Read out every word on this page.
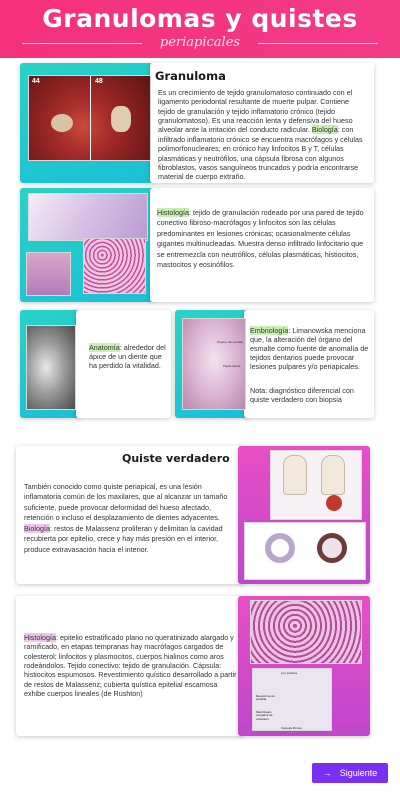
Granulomas y quistes
periapicales
44	48	Granuloma
Es un crecimiento de tejido granulomatoso continuado con el ligamento periodontal resultante de muerte pulpar. Contiene tejido de granulación y tejido inflamatorio crónico (tejido granulomatoso). Es una reacción lenta y defensiva del hueso alveolar ante la irritación del conducto radicular. Biología: con infiltrado inflamatorio crónico se encuentra macrófagos y células polimorfonucleares; en crónico hay linfocitos B y T, células plasmáticas y neutrófilos, una cápsula fibrosa con algunos fibroblastos, vasos sanguíneos truncados y podría encontrarse material de cuerpo extraño.
Histología: tejido de granulación rodeado por una pared de tejido conectivo fibroso-macrófagos y linfocitos son las células predominantes en lesiones crónicas; ocasionalmente células gigantes multinucleadas. Muestra denso infiltrado linfocitario que se entremezcla con neutrófilos, células plasmáticas, histiocitos, mastocitos y eosinófilos.
Anatomía: alrededor del ápice de un diente que ha perdido la vitalidad.
Órgano del esmalte
Papila dental
Embriología: Limanowska menciona que, la alteración del órgano del esmalte como fuente de anomalía de tejidos dentarios puede provocar lesiones pulpares y/o periapicales.
Nota: diagnóstico diferencial con quiste verdadero con biopsia
Quiste verdadero
También conocido como quiste periapical, es una lesión inflamatoria común de los maxilares, que al alcanzar un tamaño suficiente, puede provocar deformidad del hueso afectado, retención o incluso el desplazamiento de dientes adyacentes. Biología: restos de Malassenz proliferan y delimitan la cavidad recubierta por epitelio, crece y hay más presión en el interior, produce extravasación hacia el interior.
Luz quística
Revestimiento epitelial
Macrófagos cargados de colesterol
Cápsula fibrosa
Histología: epitelio estratificado plano no queratinizado alargado y ramificado, en etapas tempranas hay macrófagos cargados de colesterol; linfocitos y plasmocitos, cuerpos hialinos como aros rodeándolos. Tejido conectivo: tejido de granulación. Cápsula: histiocitos espumosos. Revestimiento quístico desarrollado a partir de restos de Malassenz; cubierta quística epitelial escamosa exhibe cuerpos lineales (de Rushton)
→ Siguiente
